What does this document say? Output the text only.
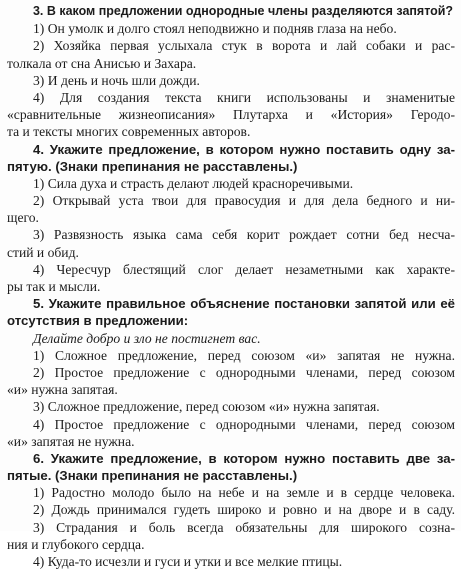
3. В каком предложении однородные члены разделяются запятой?
1) Он умолк и долго стоял неподвижно и подняв глаза на небо.
2) Хозяйка первая услыхала стук в ворота и лай собаки и рас-
толкала от сна Анисью и Захара.
3) И день и ночь шли дожди.
4) Для создания текста книги использованы и знаменитые
«сравнительные жизнеописания» Плутарха и «История» Геродо-
та и тексты многих современных авторов.
4. Укажите предложение, в котором нужно поставить одну за-
пятую. (Знаки препинания не расставлены.)
1) Сила духа и страсть делают людей красноречивыми.
2) Открывай уста твои для правосудия и для дела бедного и ни-
щего.
3) Развязность языка сама себя корит рождает сотни бед несча-
стий и обид.
4) Чересчур блестящий слог делает незаметными как характе-
ры так и мысли.
5. Укажите правильное объяснение постановки запятой или её
отсутствия в предложении:
Делайте добро и зло не постигнет вас.
1) Сложное предложение, перед союзом «и» запятая не нужна.
2) Простое предложение с однородными членами, перед союзом
«и» нужна запятая.
3) Сложное предложение, перед союзом «и» нужна запятая.
4) Простое предложение с однородными членами, перед союзом
«и» запятая не нужна.
6. Укажите предложение, в котором нужно поставить две за-
пятые. (Знаки препинания не расставлены.)
1) Радостно молодо было на небе и на земле и в сердце человека.
2) Дождь принимался гудеть широко и ровно и на дворе и в саду.
3) Страдания и боль всегда обязательны для широкого созна-
ния и глубокого сердца.
4) Куда-то исчезли и гуси и утки и все мелкие птицы.
